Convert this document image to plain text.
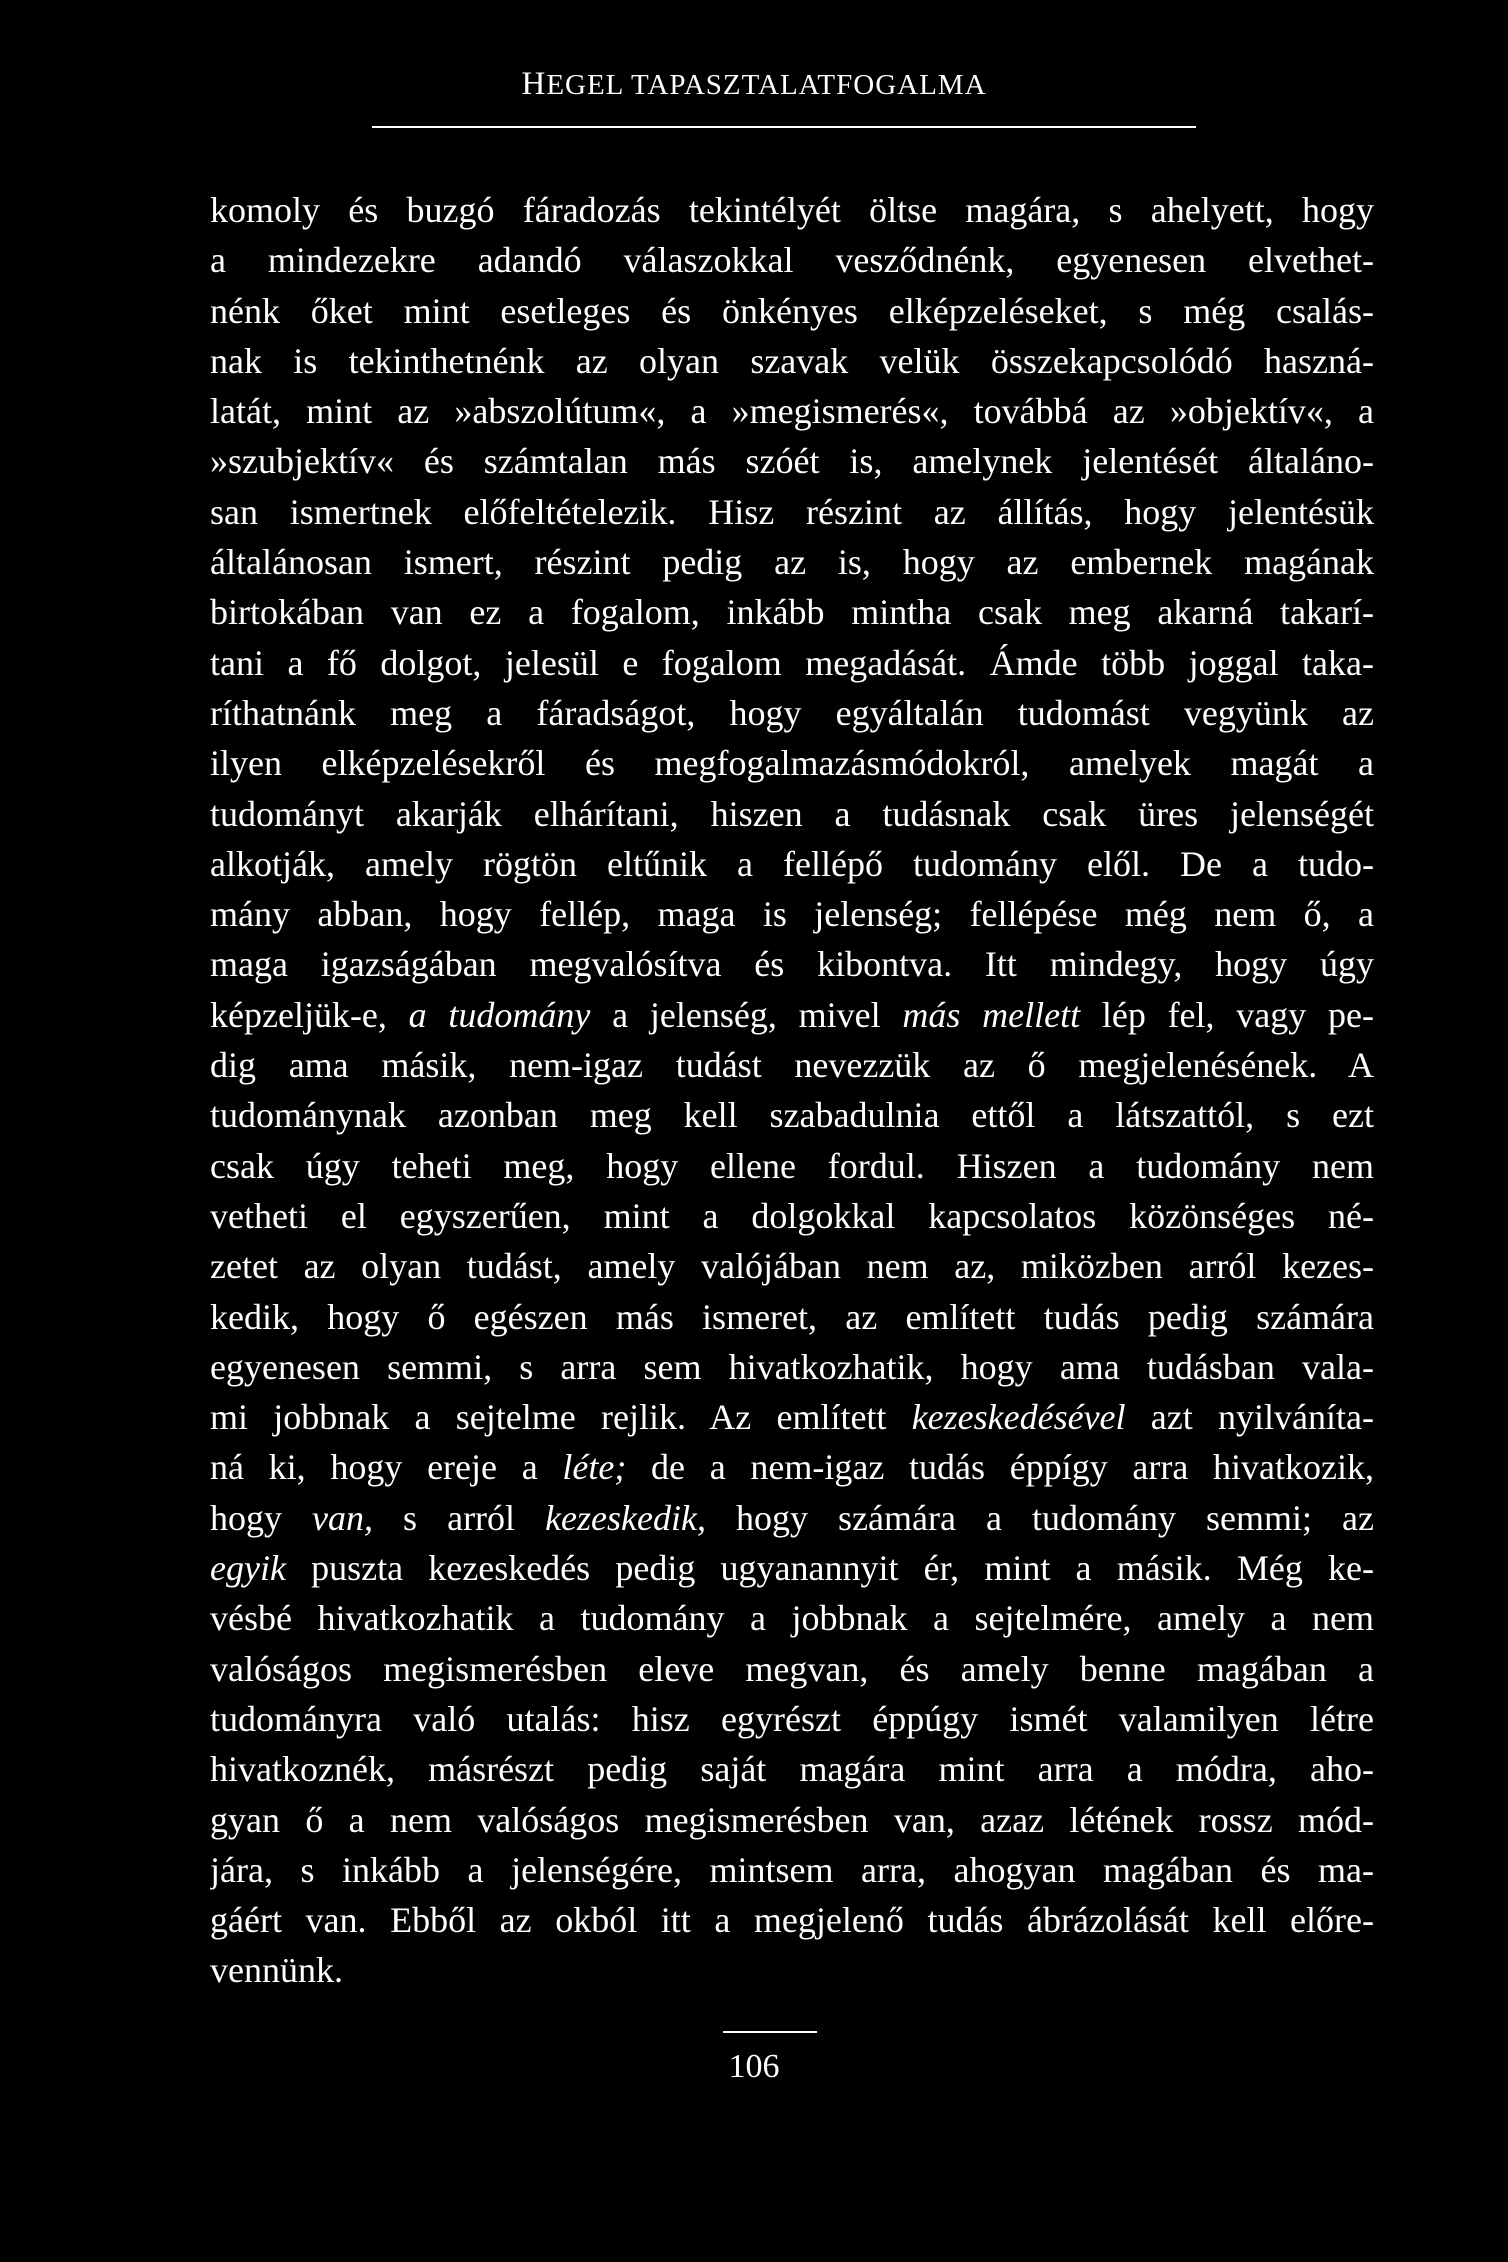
HEGEL TAPASZTALATFOGALMA
komoly és buzgó fáradozás tekintélyét öltse magára, s ahelyett, hogy
a mindezekre adandó válaszokkal vesződnénk, egyenesen elvethet-
nénk őket mint esetleges és önkényes elképzeléseket, s még csalás-
nak is tekinthetnénk az olyan szavak velük összekapcsolódó haszná-
latát, mint az »abszolútum«, a »megismerés«, továbbá az »objektív«, a
»szubjektív« és számtalan más szóét is, amelynek jelentését általáno-
san ismertnek előfeltételezik. Hisz részint az állítás, hogy jelentésük
általánosan ismert, részint pedig az is, hogy az embernek magának
birtokában van ez a fogalom, inkább mintha csak meg akarná takarí-
tani a fő dolgot, jelesül e fogalom megadását. Ámde több joggal taka-
ríthatnánk meg a fáradságot, hogy egyáltalán tudomást vegyünk az
ilyen elképzelésekről és megfogalmazásmódokról, amelyek magát a
tudományt akarják elhárítani, hiszen a tudásnak csak üres jelenségét
alkotják, amely rögtön eltűnik a fellépő tudomány elől. De a tudo-
mány abban, hogy fellép, maga is jelenség; fellépése még nem ő, a
maga igazságában megvalósítva és kibontva. Itt mindegy, hogy úgy
képzeljük-e, a tudomány a jelenség, mivel más mellett lép fel, vagy pe-
dig ama másik, nem-igaz tudást nevezzük az ő megjelenésének. A
tudománynak azonban meg kell szabadulnia ettől a látszattól, s ezt
csak úgy teheti meg, hogy ellene fordul. Hiszen a tudomány nem
vetheti el egyszerűen, mint a dolgokkal kapcsolatos közönséges né-
zetet az olyan tudást, amely valójában nem az, miközben arról kezes-
kedik, hogy ő egészen más ismeret, az említett tudás pedig számára
egyenesen semmi, s arra sem hivatkozhatik, hogy ama tudásban vala-
mi jobbnak a sejtelme rejlik. Az említett kezeskedésével azt nyilváníta-
ná ki, hogy ereje a léte; de a nem-igaz tudás éppígy arra hivatkozik,
hogy van, s arról kezeskedik, hogy számára a tudomány semmi; az
egyik puszta kezeskedés pedig ugyanannyit ér, mint a másik. Még ke-
vésbé hivatkozhatik a tudomány a jobbnak a sejtelmére, amely a nem
valóságos megismerésben eleve megvan, és amely benne magában a
tudományra való utalás: hisz egyrészt éppúgy ismét valamilyen létre
hivatkoznék, másrészt pedig saját magára mint arra a módra, aho-
gyan ő a nem valóságos megismerésben van, azaz létének rossz mód-
jára, s inkább a jelenségére, mintsem arra, ahogyan magában és ma-
gáért van. Ebből az okból itt a megjelenő tudás ábrázolását kell előre-
vennünk.
106
